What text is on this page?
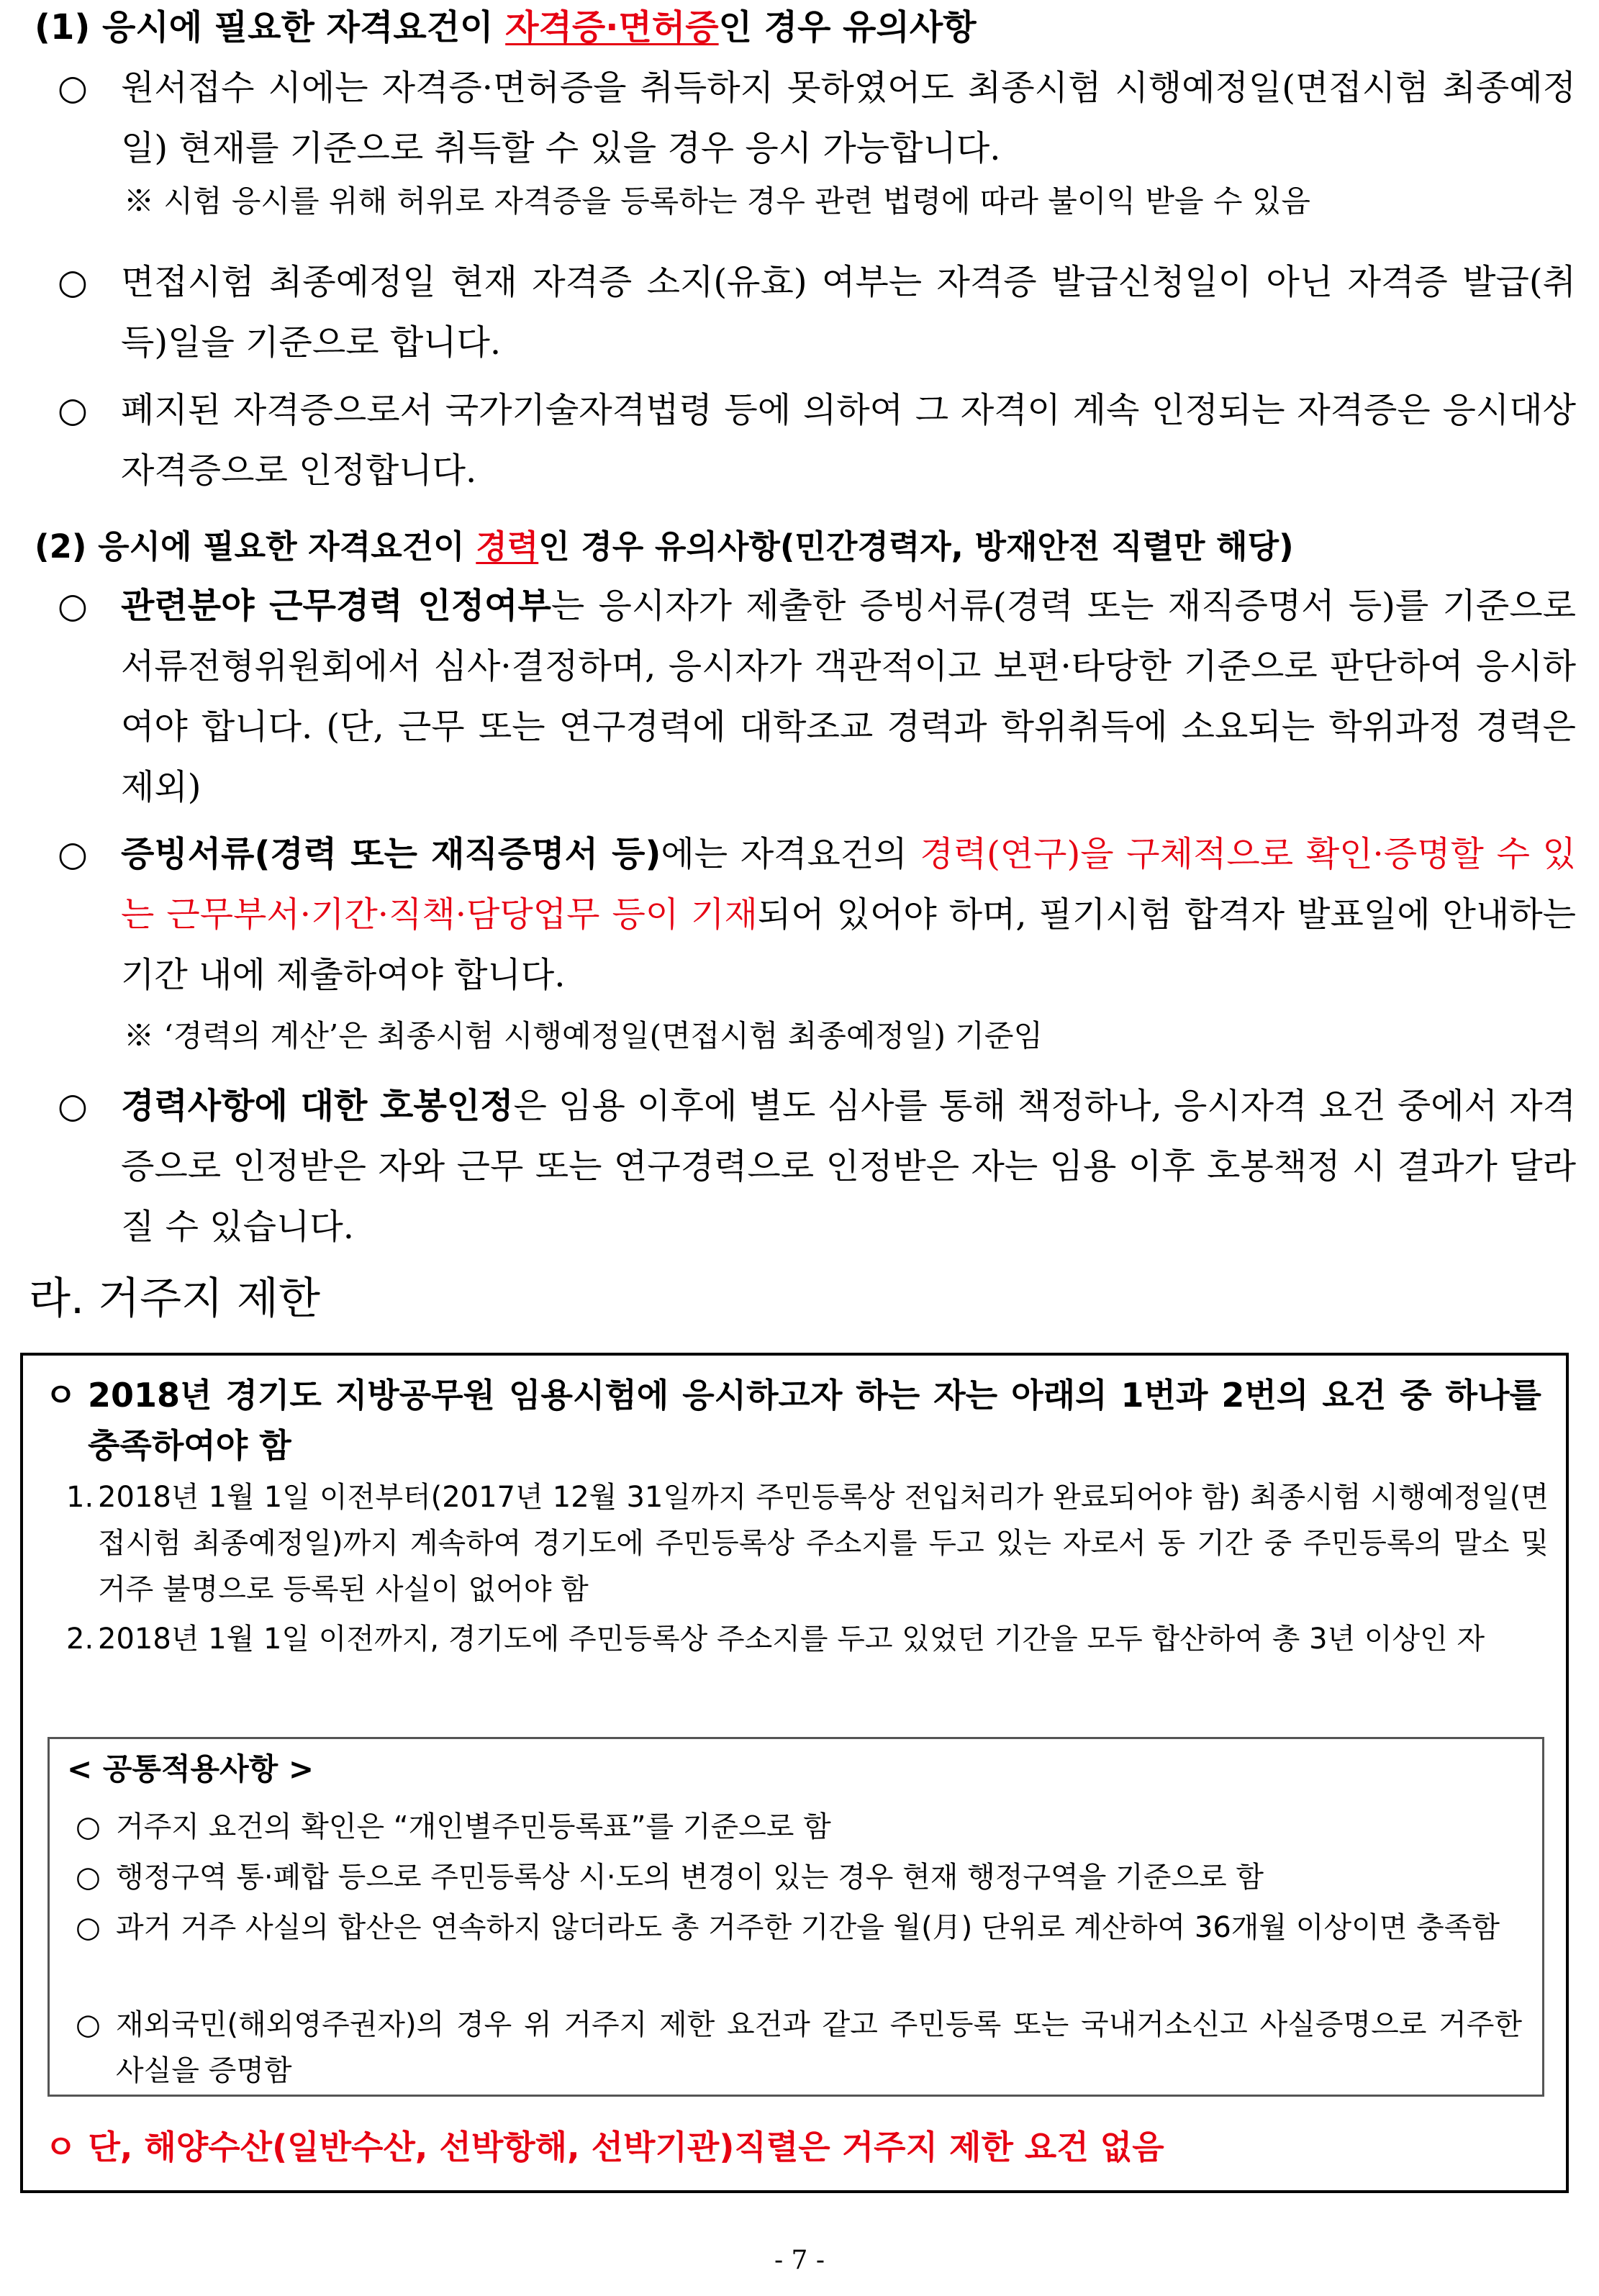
(1) 응시에 필요한 자격요건이 자격증·면허증인 경우 유의사항
○ 원서접수 시에는 자격증·면허증을 취득하지 못하였어도 최종시험 시행예정일(면접시험 최종예정일) 현재를 기준으로 취득할 수 있을 경우 응시 가능합니다.
※ 시험 응시를 위해 허위로 자격증을 등록하는 경우 관련 법령에 따라 불이익 받을 수 있음
○ 면접시험 최종예정일 현재 자격증 소지(유효) 여부는 자격증 발급신청일이 아닌 자격증 발급(취득)일을 기준으로 합니다.
○ 폐지된 자격증으로서 국가기술자격법령 등에 의하여 그 자격이 계속 인정되는 자격증은 응시대상 자격증으로 인정합니다.
(2) 응시에 필요한 자격요건이 경력인 경우 유의사항(민간경력자, 방재안전 직렬만 해당)
○ 관련분야 근무경력 인정여부는 응시자가 제출한 증빙서류(경력 또는 재직증명서 등)를 기준으로 서류전형위원회에서 심사·결정하며, 응시자가 객관적이고 보편·타당한 기준으로 판단하여 응시하여야 합니다. (단, 근무 또는 연구경력에 대학조교 경력과 학위취득에 소요되는 학위과정 경력은 제외)
○ 증빙서류(경력 또는 재직증명서 등)에는 자격요건의 경력(연구)을 구체적으로 확인·증명할 수 있는 근무부서·기간·직책·담당업무 등이 기재되어 있어야 하며, 필기시험 합격자 발표일에 안내하는 기간 내에 제출하여야 합니다.
※ ‘경력의 계산’은 최종시험 시행예정일(면접시험 최종예정일) 기준임
○ 경력사항에 대한 호봉인정은 임용 이후에 별도 심사를 통해 책정하나, 응시자격 요건 중에서 자격증으로 인정받은 자와 근무 또는 연구경력으로 인정받은 자는 임용 이후 호봉책정 시 결과가 달라질 수 있습니다.
라. 거주지 제한
ㅇ 2018년 경기도 지방공무원 임용시험에 응시하고자 하는 자는 아래의 1번과 2번의 요건 중 하나를 충족하여야 함
1. 2018년 1월 1일 이전부터(2017년 12월 31일까지 주민등록상 전입처리가 완료되어야 함) 최종시험 시행예정일(면접시험 최종예정일)까지 계속하여 경기도에 주민등록상 주소지를 두고 있는 자로서 동 기간 중 주민등록의 말소 및 거주 불명으로 등록된 사실이 없어야 함
2. 2018년 1월 1일 이전까지, 경기도에 주민등록상 주소지를 두고 있었던 기간을 모두 합산하여 총 3년 이상인 자
< 공통적용사항 >
○ 거주지 요건의 확인은 “개인별주민등록표”를 기준으로 함
○ 행정구역 통·폐합 등으로 주민등록상 시·도의 변경이 있는 경우 현재 행정구역을 기준으로 함
○ 과거 거주 사실의 합산은 연속하지 않더라도 총 거주한 기간을 월(月) 단위로 계산하여 36개월 이상이면 충족함
○ 재외국민(해외영주권자)의 경우 위 거주지 제한 요건과 같고 주민등록 또는 국내거소신고 사실증명으로 거주한 사실을 증명함
ㅇ 단, 해양수산(일반수산, 선박항해, 선박기관)직렬은 거주지 제한 요건 없음
- 7 -
